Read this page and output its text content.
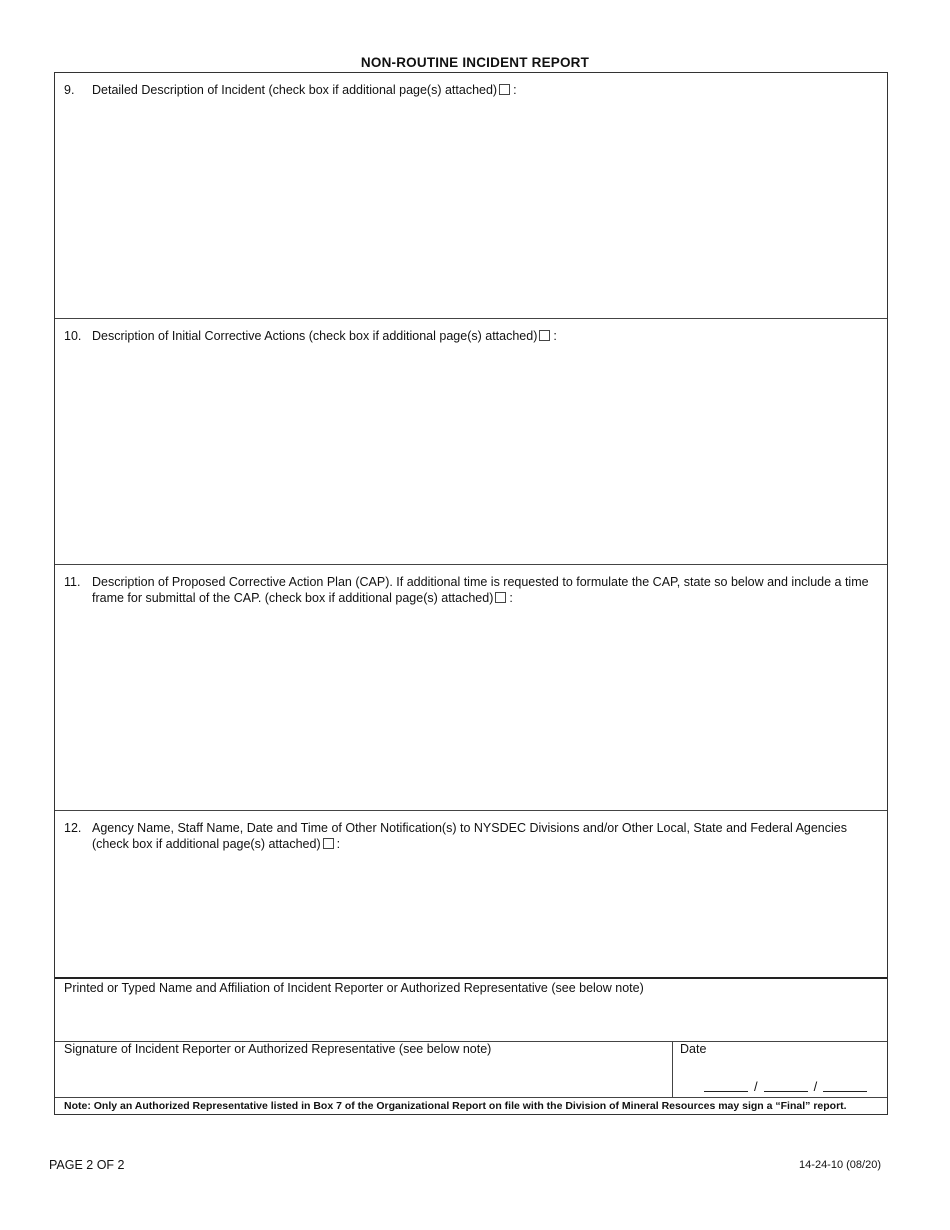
NON-ROUTINE INCIDENT REPORT
9.	Detailed Description of Incident (check box if additional page(s) attached) :
10. Description of Initial Corrective Actions (check box if additional page(s) attached) :
11. Description of Proposed Corrective Action Plan (CAP). If additional time is requested to formulate the CAP, state so below and include a time frame for submittal of the CAP. (check box if additional page(s) attached) :
12. Agency Name, Staff Name, Date and Time of Other Notification(s) to NYSDEC Divisions and/or Other Local, State and Federal Agencies (check box if additional page(s) attached) :
Printed or Typed Name and Affiliation of Incident Reporter or Authorized Representative (see below note)
Signature of Incident Reporter or Authorized Representative (see below note)	Date
/	/
Note: Only an Authorized Representative listed in Box 7 of the Organizational Report on file with the Division of Mineral Resources may sign a “Final” report.
PAGE 2 OF 2	14-24-10 (08/20)
